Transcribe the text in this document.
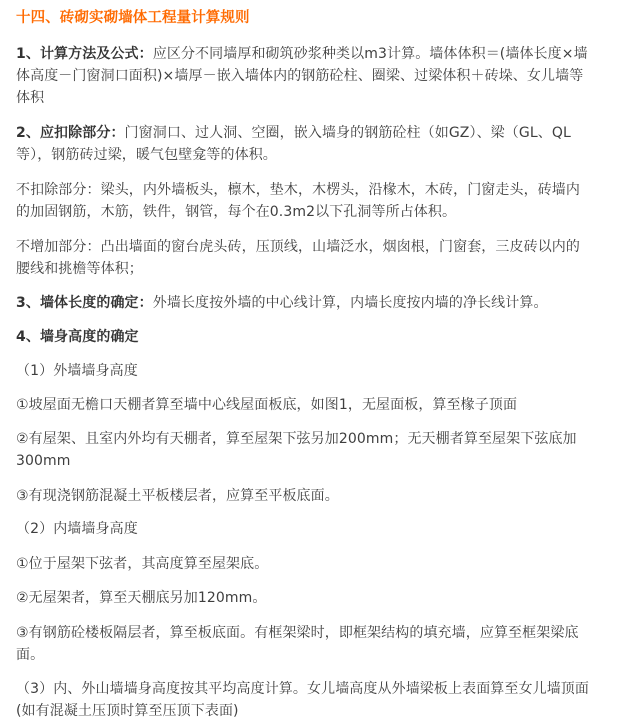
十四、砖砌实砌墙体工程量计算规则
1、计算方法及公式：应区分不同墙厚和砌筑砂浆种类以m3计算。墙体体积＝(墙体长度×墙
体高度－门窗洞口面积)×墙厚－嵌入墙体内的钢筋砼柱、圈梁、过梁体积＋砖垛、女儿墙等
体积
2、应扣除部分：门窗洞口、过人洞、空圈，嵌入墙身的钢筋砼柱（如GZ）、梁（GL、QL
等），钢筋砖过梁，暖气包壁龛等的体积。
不扣除部分：梁头，内外墙板头，檩木，垫木，木楞头，沿椽木，木砖，门窗走头，砖墙内
的加固钢筋，木筋，铁件，钢管，每个在0.3m2以下孔洞等所占体积。
不增加部分：凸出墙面的窗台虎头砖，压顶线，山墙泛水，烟囱根，门窗套，三皮砖以内的
腰线和挑檐等体积；
3、墙体长度的确定：外墙长度按外墙的中心线计算，内墙长度按内墙的净长线计算。
4、墙身高度的确定
（1）外墙墙身高度
①坡屋面无檐口天棚者算至墙中心线屋面板底，如图1，无屋面板，算至椽子顶面
②有屋架、且室内外均有天棚者，算至屋架下弦另加200mm；无天棚者算至屋架下弦底加
300mm
③有现浇钢筋混凝土平板楼层者，应算至平板底面。
（2）内墙墙身高度
①位于屋架下弦者，其高度算至屋架底。
②无屋架者，算至天棚底另加120mm。
③有钢筋砼楼板隔层者，算至板底面。有框架梁时，即框架结构的填充墙，应算至框架梁底
面。
（3）内、外山墙墙身高度按其平均高度计算。女儿墙高度从外墙梁板上表面算至女儿墙顶面
(如有混凝土压顶时算至压顶下表面)
